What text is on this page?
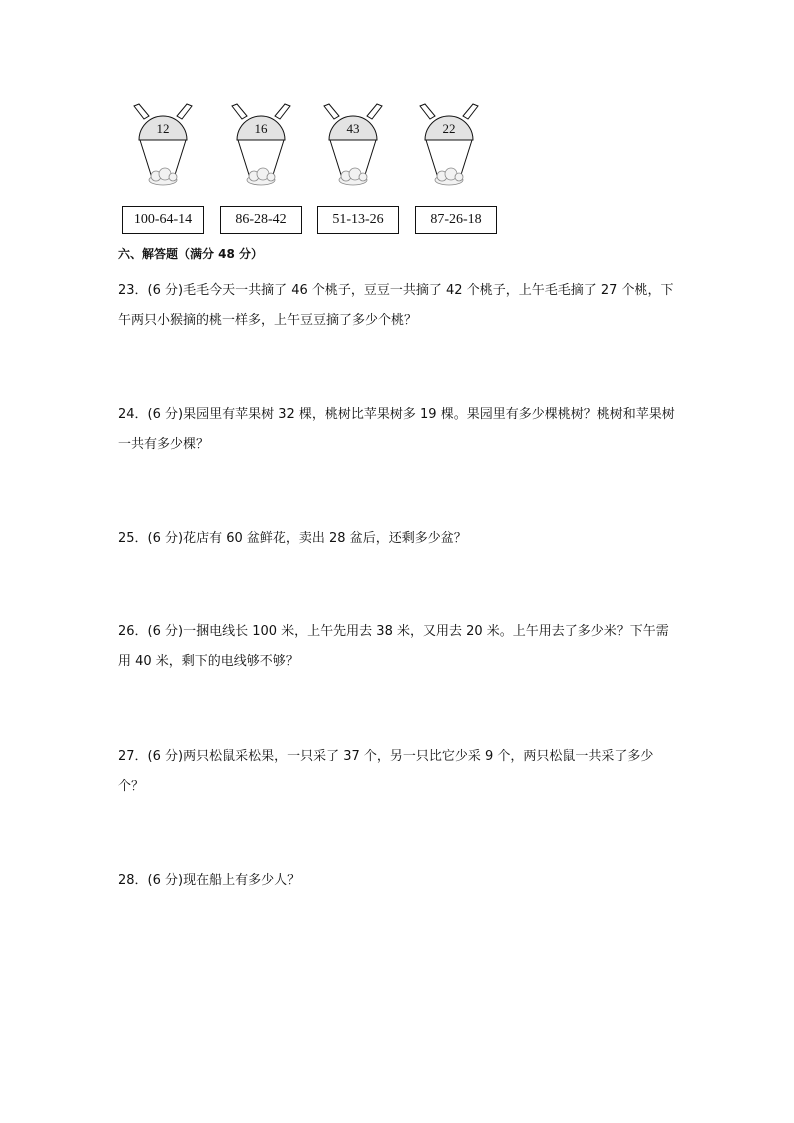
12	16	43	22
100-64-14	86-28-42	51-13-26	87-26-18
六、解答题（满分 48 分）
23．(6 分)毛毛今天一共摘了 46 个桃子，豆豆一共摘了 42 个桃子，上午毛毛摘了 27 个桃，下午两只小猴摘的桃一样多，上午豆豆摘了多少个桃？
24．(6 分)果园里有苹果树 32 棵，桃树比苹果树多 19 棵。果园里有多少棵桃树？桃树和苹果树一共有多少棵？
25．(6 分)花店有 60 盆鲜花，卖出 28 盆后，还剩多少盆？
26．(6 分)一捆电线长 100 米，上午先用去 38 米，又用去 20 米。上午用去了多少米？下午需用 40 米，剩下的电线够不够？
27．(6 分)两只松鼠采松果，一只采了 37 个，另一只比它少采 9 个，两只松鼠一共采了多少个？
28．(6 分)现在船上有多少人？
